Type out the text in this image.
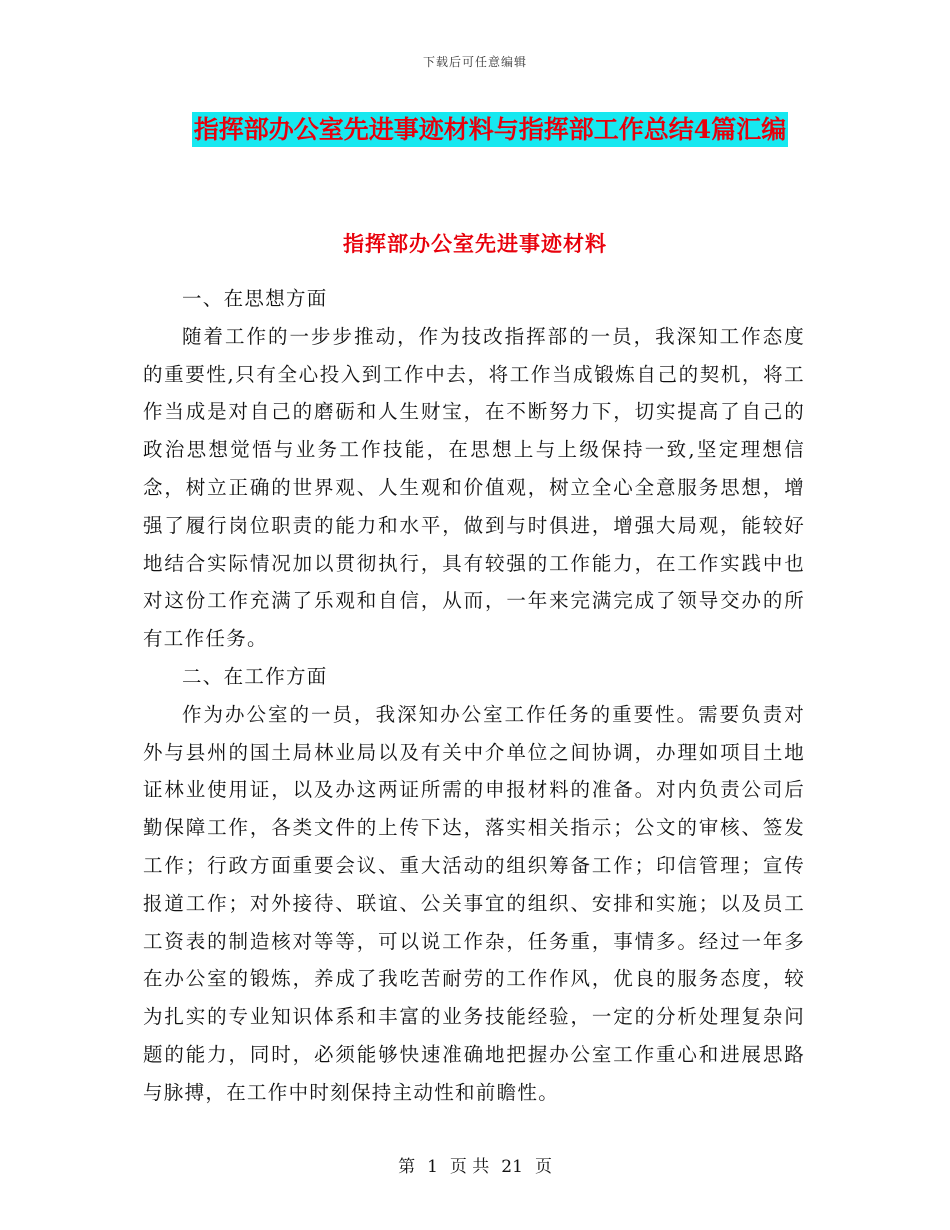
下载后可任意编辑
指挥部办公室先进事迹材料与指挥部工作总结4篇汇编
指挥部办公室先进事迹材料

一、在思想方面

随着工作的一步步推动，作为技改指挥部的一员，我深知工作态度的重要性,只有全心投入到工作中去，将工作当成锻炼自己的契机，将工作当成是对自己的磨砺和人生财宝，在不断努力下，切实提高了自己的政治思想觉悟与业务工作技能，在思想上与上级保持一致,坚定理想信念，树立正确的世界观、人生观和价值观，树立全心全意服务思想，增强了履行岗位职责的能力和水平，做到与时俱进，增强大局观，能较好地结合实际情况加以贯彻执行，具有较强的工作能力，在工作实践中也对这份工作充满了乐观和自信，从而，一年来完满完成了领导交办的所有工作任务。

二、在工作方面

作为办公室的一员，我深知办公室工作任务的重要性。需要负责对外与县州的国土局林业局以及有关中介单位之间协调，办理如项目土地证林业使用证，以及办这两证所需的申报材料的准备。对内负责公司后勤保障工作，各类文件的上传下达，落实相关指示；公文的审核、签发工作；行政方面重要会议、重大活动的组织筹备工作；印信管理；宣传报道工作；对外接待、联谊、公关事宜的组织、安排和实施；以及员工工资表的制造核对等等，可以说工作杂，任务重，事情多。经过一年多在办公室的锻炼，养成了我吃苦耐劳的工作作风，优良的服务态度，较为扎实的专业知识体系和丰富的业务技能经验，一定的分析处理复杂问题的能力，同时，必须能够快速准确地把握办公室工作重心和进展思路与脉搏，在工作中时刻保持主动性和前瞻性。

第 1 页 共 21 页
